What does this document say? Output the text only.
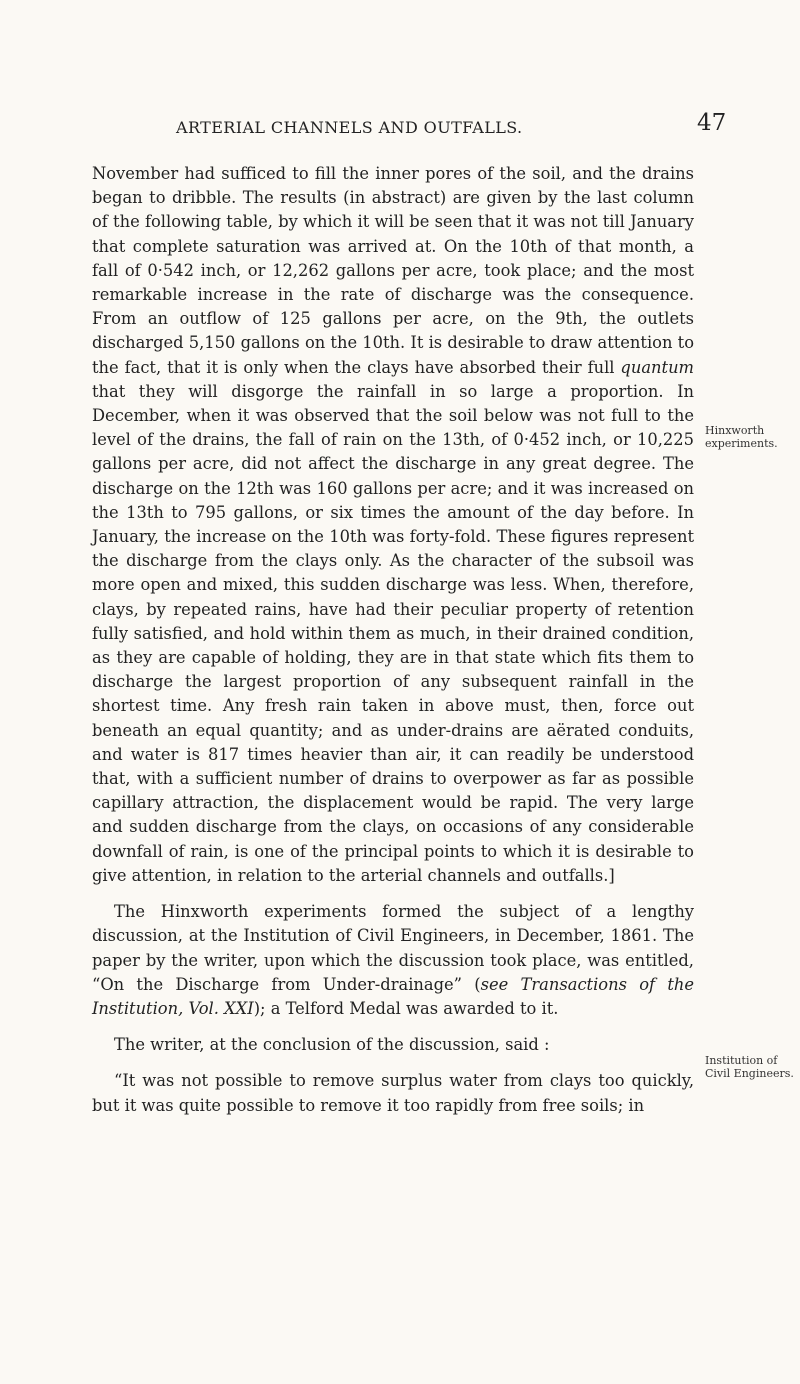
ARTERIAL CHANNELS AND OUTFALLS.	47

November had sufficed to fill the inner pores of the soil, and the drains began to dribble. The results (in abstract) are given by the last column of the following table, by which it will be seen that it was not till January that complete saturation was arrived at. On the 10th of that month, a fall of 0·542 inch, or 12,262 gallons per acre, took place; and the most remarkable increase in the rate of discharge was the consequence. From an outflow of 125 gallons per acre, on the 9th, the outlets discharged 5,150 gallons on the 10th. It is desirable to draw attention to the fact, that it is only when the clays have absorbed their full quantum that they will disgorge the rainfall in so large a proportion. In December, when it was observed that the soil below was not full to the level of the drains, the fall of rain on the 13th, of 0·452 inch, or 10,225 gallons per acre, did not affect the discharge in any great degree. The discharge on the 12th was 160 gallons per acre; and it was increased on the 13th to 795 gallons, or six times the amount of the day before. In January, the increase on the 10th was forty-fold. These figures represent the discharge from the clays only. As the character of the subsoil was more open and mixed, this sudden discharge was less. When, therefore, clays, by repeated rains, have had their peculiar property of retention fully satisfied, and hold within them as much, in their drained condition, as they are capable of holding, they are in that state which fits them to discharge the largest proportion of any subsequent rainfall in the shortest time. Any fresh rain taken in above must, then, force out beneath an equal quantity; and as under-drains are aërated conduits, and water is 817 times heavier than air, it can readily be understood that, with a sufficient number of drains to overpower as far as possible capillary attraction, the displacement would be rapid. The very large and sudden discharge from the clays, on occasions of any considerable downfall of rain, is one of the principal points to which it is desirable to give attention, in relation to the arterial channels and outfalls.]

The Hinxworth experiments formed the subject of a lengthy discussion, at the Institution of Civil Engineers, in December, 1861. The paper by the writer, upon which the discussion took place, was entitled, “On the Discharge from Under-drainage” (see Transactions of the Institution, Vol. XXI); a Telford Medal was awarded to it.

The writer, at the conclusion of the discussion, said :

“It was not possible to remove surplus water from clays too quickly, but it was quite possible to remove it too rapidly from free soils; in

Hinxworth experiments.
Institution of Civil Engineers.
